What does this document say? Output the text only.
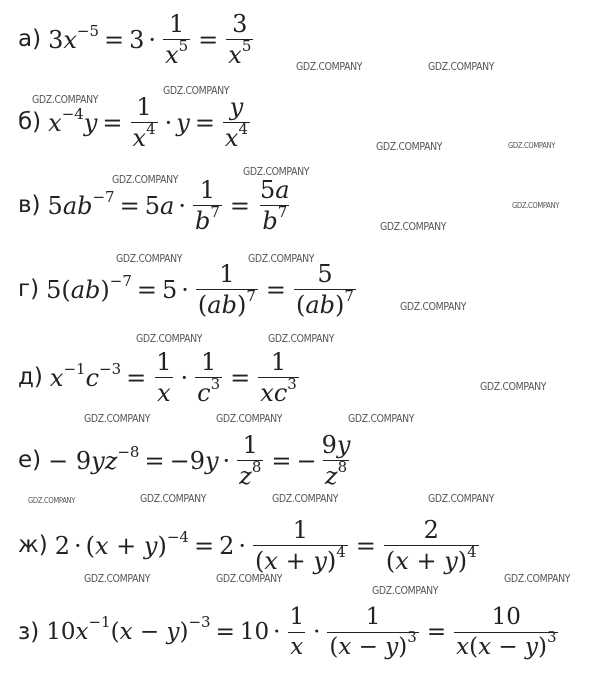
а) $3x^{-5} = 3 \cdot \frac{1}{x^5} = \frac{3}{x^5}$
б) $x^{-4}y = \frac{1}{x^4} \cdot y = \frac{y}{x^4}$
в) $5ab^{-7} = 5a \cdot \frac{1}{b^7} = \frac{5a}{b^7}$
г) $5(ab)^{-7} = 5 \cdot \frac{1}{(ab)^7} = \frac{5}{(ab)^7}$
д) $x^{-1}c^{-3} = \frac{1}{x} \cdot \frac{1}{c^3} = \frac{1}{xc^3}$
$е) - 9yz^{-8} = -9y \cdot \frac{1}{z^8}$ = − $\frac{9y}{z^8}$
ж) $2 \cdot (x + y)^{-4} = 2 \cdot \frac{1}{(x + y)^4} = \frac{2}{(x + y)^4}$
з) $10x^{-1}(x - y)^{-3} = 10 \cdot \frac{1}{x} \cdot \frac{1}{(x - y)^3} = \frac{10}{x(x - y)^3}$
GDZ.COMPANY	GDZ.COMPANY
GDZ.COMPANY
GDZ.COMPANY
GDZ.COMPANY	GDZ.COMPANY
GDZ.COMPANY
GDZ.COMPANY
GDZ.COMPANY
GDZ.COMPANY
GDZ.COMPANY	GDZ.COMPANY
GDZ.COMPANY
GDZ.COMPANY	GDZ.COMPANY
GDZ.COMPANY
GDZ.COMPANY	GDZ.COMPANY	GDZ.COMPANY
GDZ.COMPANY	GDZ.COMPANY	GDZ.COMPANY	GDZ.COMPANY
GDZ.COMPANY	GDZ.COMPANY	GDZ.COMPANY
GDZ.COMPANY
